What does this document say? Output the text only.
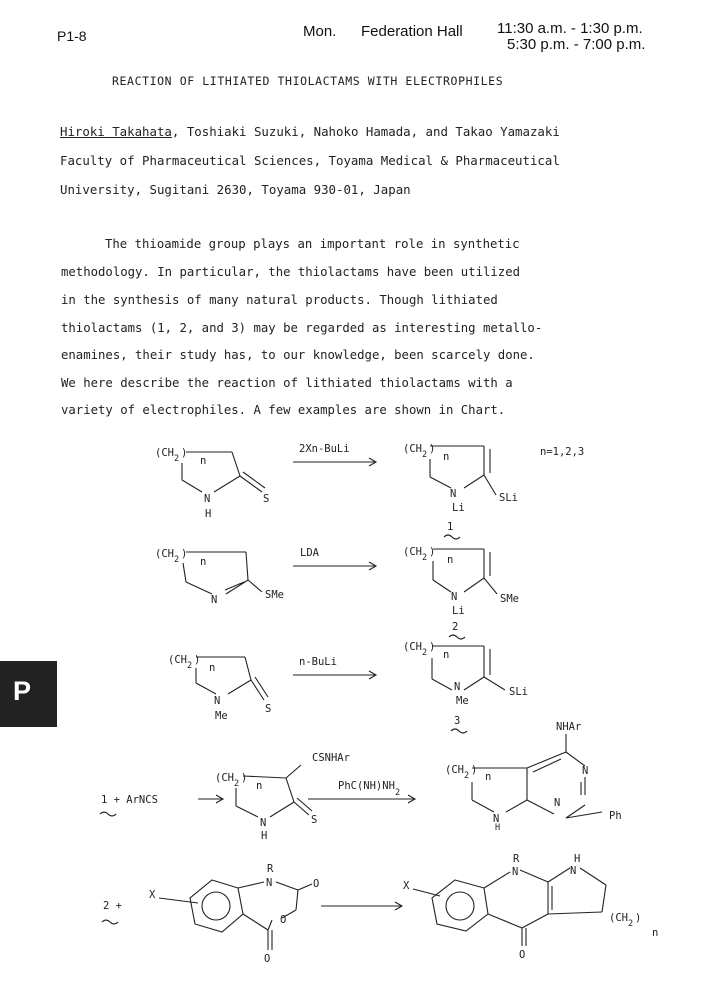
P1-8	Mon. Federation Hall 11:30 a.m. - 1:30 p.m.
5:30 p.m. - 7:00 p.m.
REACTION OF LITHIATED THIOLACTAMS WITH ELECTROPHILES
Hiroki Takahata, Toshiaki Suzuki, Nahoko Hamada, and Takao Yamazaki
Faculty of Pharmaceutical Sciences, Toyama Medical & Pharmaceutical
University, Sugitani 2630, Toyama 930-01, Japan
The thioamide group plays an important role in synthetic
methodology. In particular, the thiolactams have been utilized
in the synthesis of many natural products. Though lithiated
thiolactams (1, 2, and 3) may be regarded as interesting metallo-
enamines, their study has, to our knowledge, been scarcely done.
We here describe the reaction of lithiated thiolactams with a
variety of electrophiles. A few examples are shown in Chart.
P
(CH 2 )
n
N
H
S
2Xn-BuLi	(CH 2 )
n
N
Li
SLi
n=1,2,3
1
(CH 2 )
n
N	SMe
LDA	(CH 2 )
n
N
Li
SMe
2
(CH 2 )
n
N
Me
S
n-BuLi
(CH 2 )
n
N
Me
SLi
3
1 + ArNCS
CSNHAr
(CH 2 )
n
N
H
S
PhC(NH)NH
2
NHAr
(CH 2 )
n	N
N
N
H
Ph
2 +
X
R
N	O
O
O
X
R
N
H
N
O
(CH 2 )
n
